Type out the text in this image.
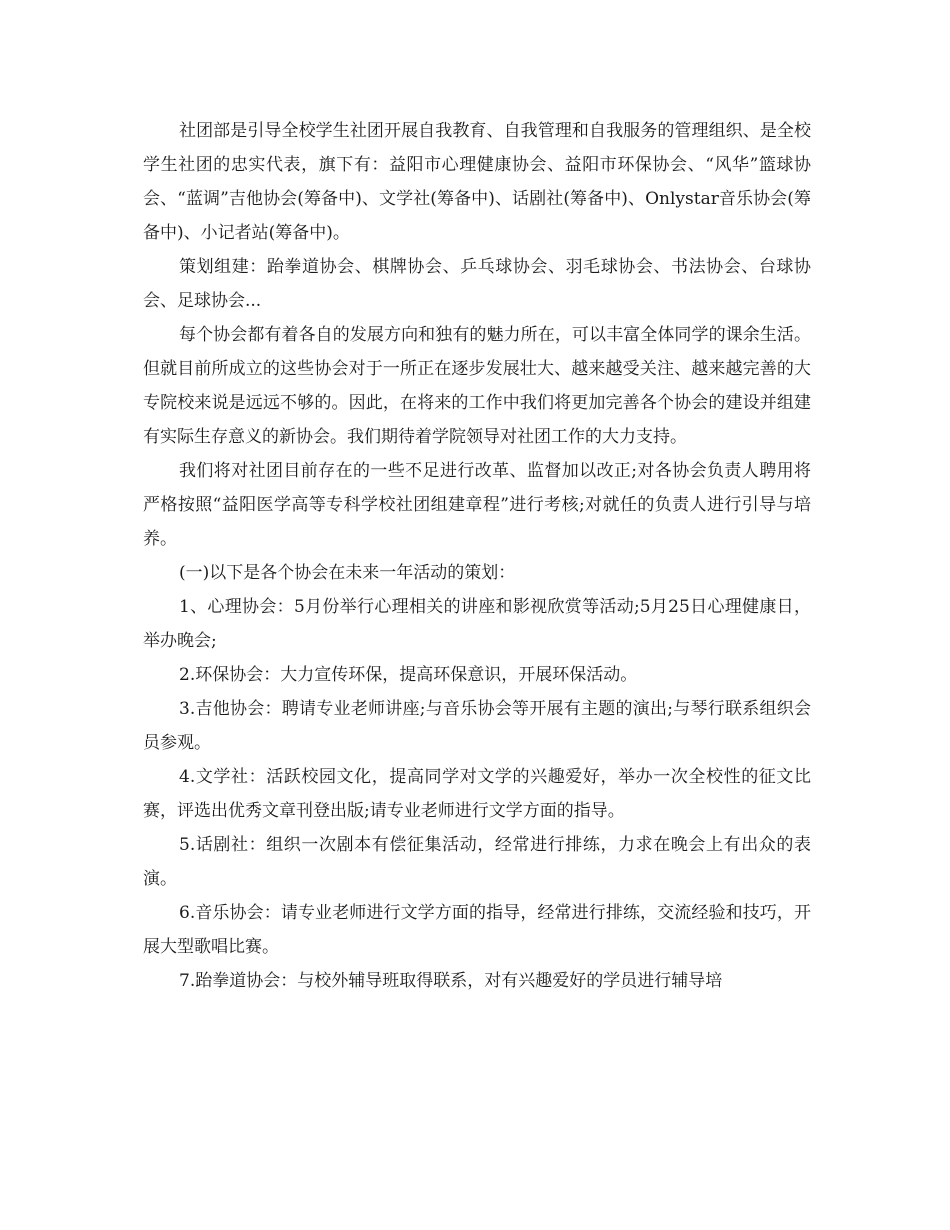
社团部是引导全校学生社团开展自我教育、自我管理和自我服务的管理组织、是全校学生社团的忠实代表，旗下有：益阳市心理健康协会、益阳市环保协会、“风华”篮球协会、“蓝调”吉他协会(筹备中)、文学社(筹备中)、话剧社(筹备中)、Onlystar音乐协会(筹备中)、小记者站(筹备中)。

策划组建：跆拳道协会、棋牌协会、乒乓球协会、羽毛球协会、书法协会、台球协会、足球协会...

每个协会都有着各自的发展方向和独有的魅力所在，可以丰富全体同学的课余生活。但就目前所成立的这些协会对于一所正在逐步发展壮大、越来越受关注、越来越完善的大专院校来说是远远不够的。因此，在将来的工作中我们将更加完善各个协会的建设并组建有实际生存意义的新协会。我们期待着学院领导对社团工作的大力支持。

我们将对社团目前存在的一些不足进行改革、监督加以改正;对各协会负责人聘用将严格按照“益阳医学高等专科学校社团组建章程”进行考核;对就任的负责人进行引导与培养。

(一)以下是各个协会在未来一年活动的策划：

1、心理协会：5月份举行心理相关的讲座和影视欣赏等活动;5月25日心理健康日，举办晚会;

2.环保协会：大力宣传环保，提高环保意识，开展环保活动。

3.吉他协会：聘请专业老师讲座;与音乐协会等开展有主题的演出;与琴行联系组织会员参观。

4.文学社：活跃校园文化，提高同学对文学的兴趣爱好，举办一次全校性的征文比赛，评选出优秀文章刊登出版;请专业老师进行文学方面的指导。

5.话剧社：组织一次剧本有偿征集活动，经常进行排练，力求在晚会上有出众的表演。

6.音乐协会：请专业老师进行文学方面的指导，经常进行排练，交流经验和技巧，开展大型歌唱比赛。

7.跆拳道协会：与校外辅导班取得联系，对有兴趣爱好的学员进行辅导培
